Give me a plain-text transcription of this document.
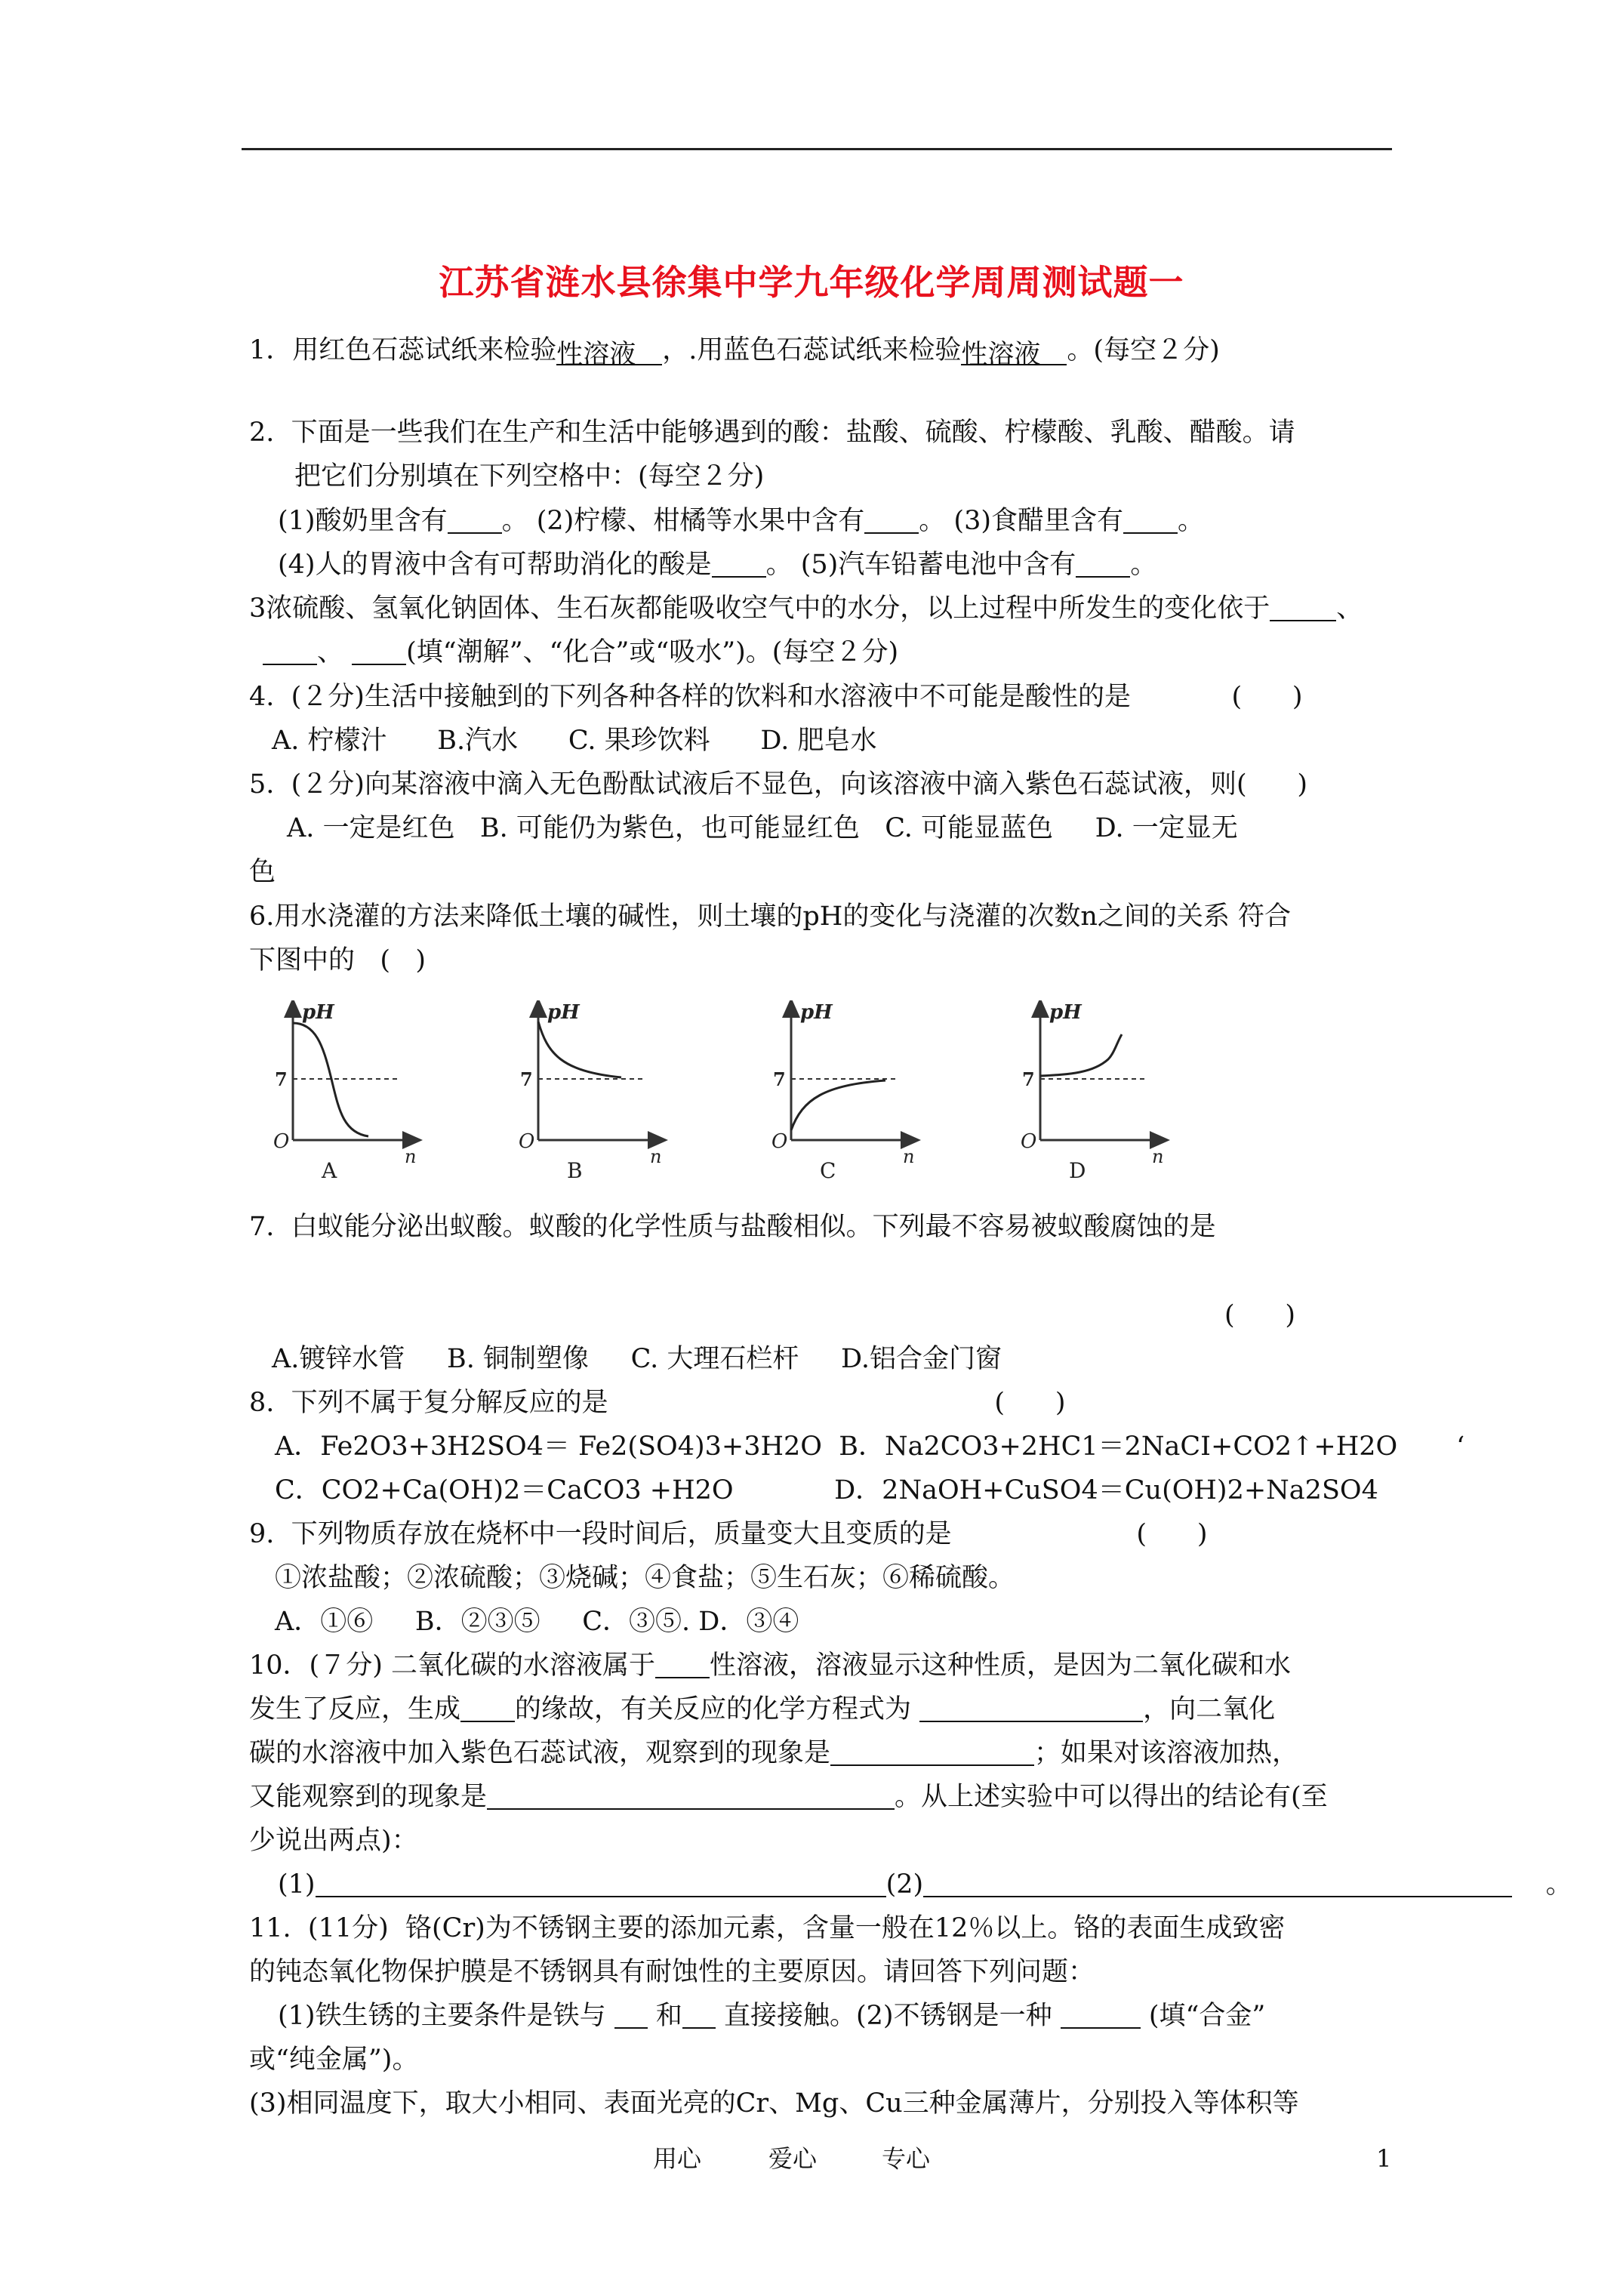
江苏省涟水县徐集中学九年级化学周周测试题一
1．用红色石蕊试纸来检验性溶液 ，.用蓝色石蕊试纸来检验性溶液 。(每空２分)
2.  下面是一些我们在生产和生活中能够遇到的酸：盐酸、硫酸、柠檬酸、乳酸、醋酸。请
把它们分别填在下列空格中：(每空２分)
(1)酸奶里含有 。 (2)柠檬、柑橘等水果中含有 。 (3)食醋里含有 。
(4)人的胃液中含有可帮助消化的酸是 。 (5)汽车铅蓄电池中含有 。
3浓硫酸、氢氧化钠固体、生石灰都能吸收空气中的水分，以上过程中所发生的变化依于	、
、 (填“潮解”、“化合”或“吸水”)。(每空２分)
4.  (２分)生活中接触到的下列各种各样的饮料和水溶液中不可能是酸性的是            (      )
A. 柠檬汁      B.汽水      C. 果珍饮料      D. 肥皂水
5.  (２分)向某溶液中滴入无色酚酞试液后不显色，向该溶液中滴入紫色石蕊试液，则(      )
A. 一定是红色   B. 可能仍为紫色，也可能显红色   C. 可能显蓝色     D. 一定显无
色
6.用水浇灌的方法来降低土壤的碱性，则土壤的pH的变化与浇灌的次数n之间的关系 符合
下图中的   (   )
7.  白蚁能分泌出蚁酸。蚁酸的化学性质与盐酸相似。下列最不容易被蚁酸腐蚀的是
(      )
A.镀锌水管     B. 铜制塑像     C. 大理石栏杆     D.铝合金门窗
8.  下列不属于复分解反应的是                                              (      )
A．Fe2O3+3H2SO4＝ Fe2(SO4)3+3H2O  B．Na2CO3+2HC1＝2NaCI+CO2↑+H2O       ‘
C．CO2+Ca(OH)2＝CaCO3 +H2O            D．2NaOH+CuSO4＝Cu(OH)2+Na2SO4
9.  下列物质存放在烧杯中一段时间后，质量变大且变质的是                      (      )
①浓盐酸；②浓硫酸；③烧碱；④食盐；⑤生石灰；⑥稀硫酸。
A．①⑥     B．②③⑤     C．③⑤. D．③④
10．(７分) 二氧化碳的水溶液属于 性溶液，溶液显示这种性质，是因为二氧化碳和水
发生了反应，生成 的缘故，有关反应的化学方程式为	，向二氧化
碳的水溶液中加入紫色石蕊试液，观察到的现象是	；如果对该溶液加热，
又能观察到的现象是	。从上述实验中可以得出的结论有(至
少说出两点)：
(1)	(2)	。
11.  (11分)  铬(Cr)为不锈钢主要的添加元素，含量一般在12％以上。铬的表面生成致密
的钝态氧化物保护膜是不锈钢具有耐蚀性的主要原因。请回答下列问题：
(1)铁生锈的主要条件是铁与  和 直接接触。(2)不锈钢是一种	(填“合金”
或“纯金属”)。
(3)相同温度下，取大小相同、表面光亮的Cr、Mg、Cu三种金属薄片，分别投入等体积等
pH
7
O
n
A
pH
7
O
n
B
pH
7
O
n
C
pH
7
O
n
D
用心	爱心	专心	1
